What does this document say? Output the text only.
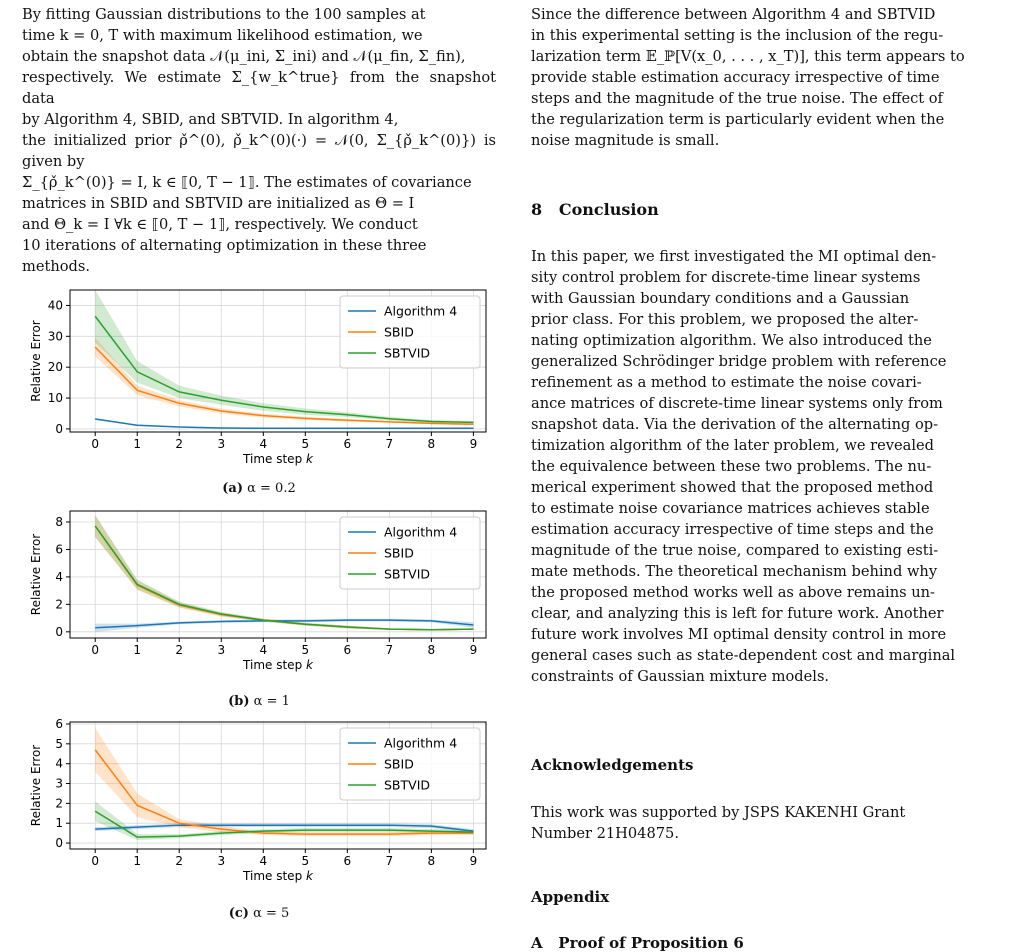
By fitting Gaussian distributions to the 100 samples at

time k = 0, T with maximum likelihood estimation, we

obtain the snapshot data 𝒩(μ_ini, Σ_ini) and 𝒩(μ_fin, Σ_fin),

respectively. We estimate Σ_{w_k^true} from the snapshot data

by Algorithm 4, SBID, and SBTVID. In algorithm 4,

the initialized prior ρ̌^(0), ρ̌_k^(0)(·) = 𝒩(0, Σ_{ρ̌_k^(0)}) is given by

Σ_{ρ̌_k^(0)} = I, k ∈ ⟦0, T − 1⟧. The estimates of covariance

matrices in SBID and SBTVID are initialized as Θ = I

and Θ_k = I ∀k ∈ ⟦0, T − 1⟧, respectively. We conduct

10 iterations of alternating optimization in these three

methods.

0	1	2	3	4	5	6	7	8	9
0
10
20
30
40
Time step k
Relative Error
Algorithm 4
SBID
SBTVID
(a) α = 0.2
0	1	2	3	4	5	6	7	8	9
0
2
4
6
8
Time step k
Relative Error
Algorithm 4
SBID
SBTVID
(b) α = 1
0	1	2	3	4	5	6	7	8	9
0
1
2
3
4
5
6
Time step k
Relative Error
Algorithm 4
SBID
SBTVID
(c) α = 5

Since the difference between Algorithm 4 and SBTVID

in this experimental setting is the inclusion of the regu-

larization term 𝔼_ℙ[V(x_0, . . . , x_T)], this term appears to

provide stable estimation accuracy irrespective of time

steps and the magnitude of the true noise. The effect of

the regularization term is particularly evident when the

noise magnitude is small.

8   Conclusion

In this paper, we first investigated the MI optimal den-

sity control problem for discrete-time linear systems

with Gaussian boundary conditions and a Gaussian

prior class. For this problem, we proposed the alter-

nating optimization algorithm. We also introduced the

generalized Schrödinger bridge problem with reference

refinement as a method to estimate the noise covari-

ance matrices of discrete-time linear systems only from

snapshot data. Via the derivation of the alternating op-

timization algorithm of the later problem, we revealed

the equivalence between these two problems. The nu-

merical experiment showed that the proposed method

to estimate noise covariance matrices achieves stable

estimation accuracy irrespective of time steps and the

magnitude of the true noise, compared to existing esti-

mate methods. The theoretical mechanism behind why

the proposed method works well as above remains un-

clear, and analyzing this is left for future work. Another

future work involves MI optimal density control in more

general cases such as state-dependent cost and marginal

constraints of Gaussian mixture models.

Acknowledgements

This work was supported by JSPS KAKENHI Grant

Number 21H04875.

Appendix
A   Proof of Proposition 6
